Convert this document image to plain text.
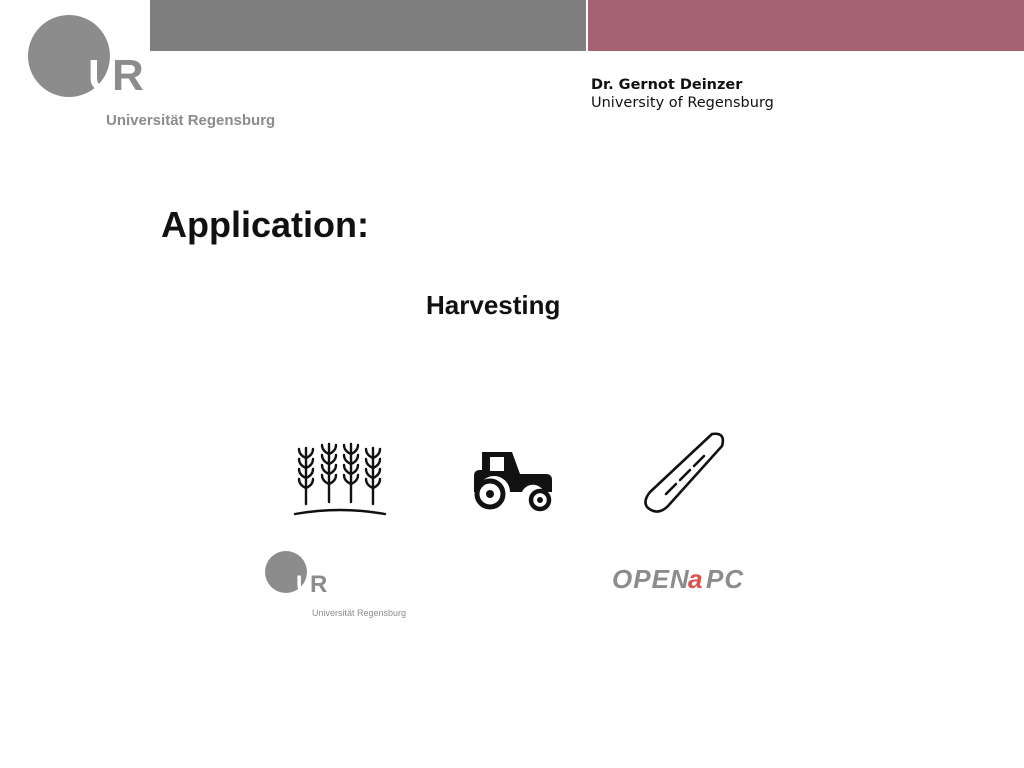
U
R
Universität Regensburg
Dr. Gernot Deinzer
University of Regensburg
Application:
Harvesting
U
R
Universität Regensburg
OPEN
a PC
